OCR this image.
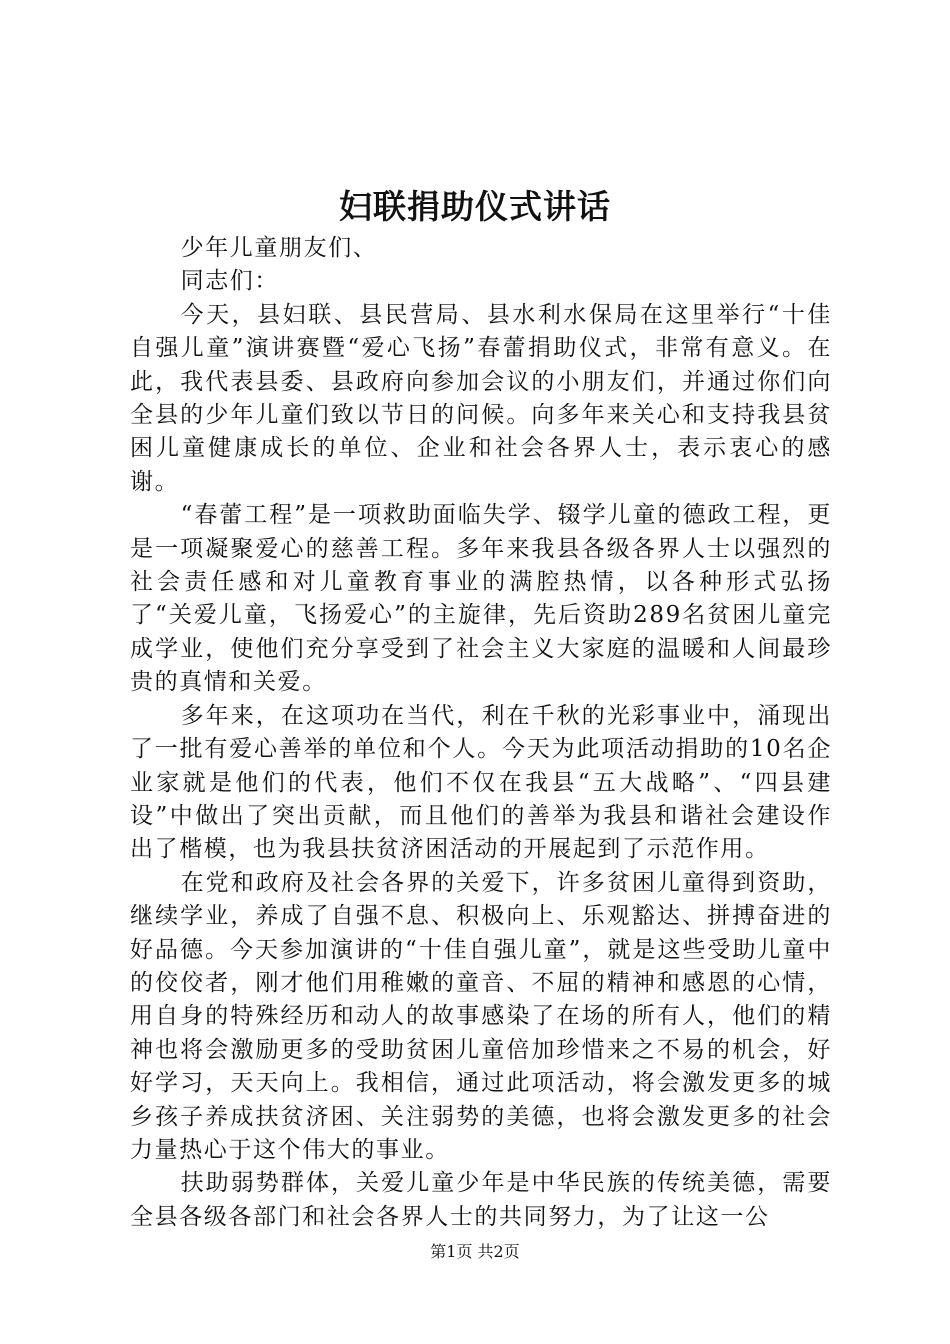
妇联捐助仪式讲话

少年儿童朋友们、

同志们：

今天，县妇联、县民营局、县水利水保局在这里举行“十佳自强儿童”演讲赛暨“爱心飞扬”春蕾捐助仪式，非常有意义。在此，我代表县委、县政府向参加会议的小朋友们，并通过你们向全县的少年儿童们致以节日的问候。向多年来关心和支持我县贫困儿童健康成长的单位、企业和社会各界人士，表示衷心的感谢。

“春蕾工程”是一项救助面临失学、辍学儿童的德政工程，更是一项凝聚爱心的慈善工程。多年来我县各级各界人士以强烈的社会责任感和对儿童教育事业的满腔热情，以各种形式弘扬了“关爱儿童，飞扬爱心”的主旋律，先后资助289名贫困儿童完成学业，使他们充分享受到了社会主义大家庭的温暖和人间最珍贵的真情和关爱。

多年来，在这项功在当代，利在千秋的光彩事业中，涌现出了一批有爱心善举的单位和个人。今天为此项活动捐助的10名企业家就是他们的代表，他们不仅在我县“五大战略”、“四县建设”中做出了突出贡献，而且他们的善举为我县和谐社会建设作出了楷模，也为我县扶贫济困活动的开展起到了示范作用。

在党和政府及社会各界的关爱下，许多贫困儿童得到资助，继续学业，养成了自强不息、积极向上、乐观豁达、拼搏奋进的好品德。今天参加演讲的“十佳自强儿童”，就是这些受助儿童中的佼佼者，刚才他们用稚嫩的童音、不屈的精神和感恩的心情，用自身的特殊经历和动人的故事感染了在场的所有人，他们的精神也将会激励更多的受助贫困儿童倍加珍惜来之不易的机会，好好学习，天天向上。我相信，通过此项活动，将会激发更多的城乡孩子养成扶贫济困、关注弱势的美德，也将会激发更多的社会力量热心于这个伟大的事业。

扶助弱势群体，关爱儿童少年是中华民族的传统美德，需要全县各级各部门和社会各界人士的共同努力，为了让这一公

第1页 共2页
